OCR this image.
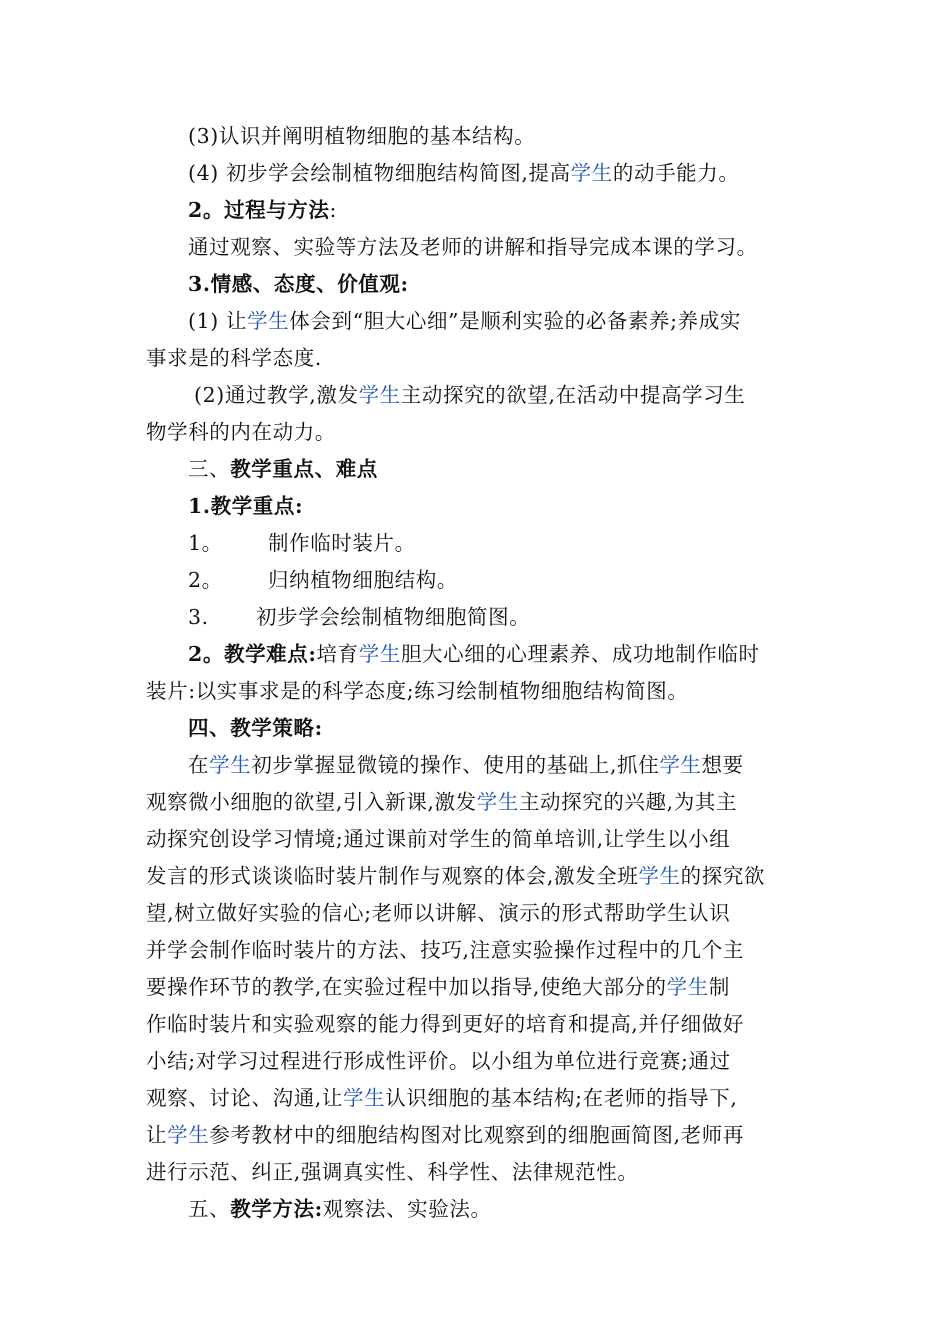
(3)认识并阐明植物细胞的基本结构。
(4) 初步学会绘制植物细胞结构简图,提高学生的动手能力。
2。过程与方法:
通过观察、实验等方法及老师的讲解和指导完成本课的学习。
3.情感、态度、价值观:
(1) 让学生体会到“胆大心细”是顺利实验的必备素养;养成实
事求是的科学态度.
(2)通过教学,激发学生主动探究的欲望,在活动中提高学习生
物学科的内在动力。
三、教学重点、难点
1.教学重点:
1。 制作临时装片。
2。 归纳植物细胞结构。
3. 初步学会绘制植物细胞简图。
2。教学难点:培育学生胆大心细的心理素养、成功地制作临时
装片:以实事求是的科学态度;练习绘制植物细胞结构简图。
四、教学策略:
在学生初步掌握显微镜的操作、使用的基础上,抓住学生想要
观察微小细胞的欲望,引入新课,激发学生主动探究的兴趣,为其主
动探究创设学习情境;通过课前对学生的简单培训,让学生以小组
发言的形式谈谈临时装片制作与观察的体会,激发全班学生的探究欲
望,树立做好实验的信心;老师以讲解、演示的形式帮助学生认识
并学会制作临时装片的方法、技巧,注意实验操作过程中的几个主
要操作环节的教学,在实验过程中加以指导,使绝大部分的学生制
作临时装片和实验观察的能力得到更好的培育和提高,并仔细做好
小结;对学习过程进行形成性评价。以小组为单位进行竞赛;通过
观察、讨论、沟通,让学生认识细胞的基本结构;在老师的指导下,
让学生参考教材中的细胞结构图对比观察到的细胞画简图,老师再
进行示范、纠正,强调真实性、科学性、法律规范性。
五、教学方法:观察法、实验法。
